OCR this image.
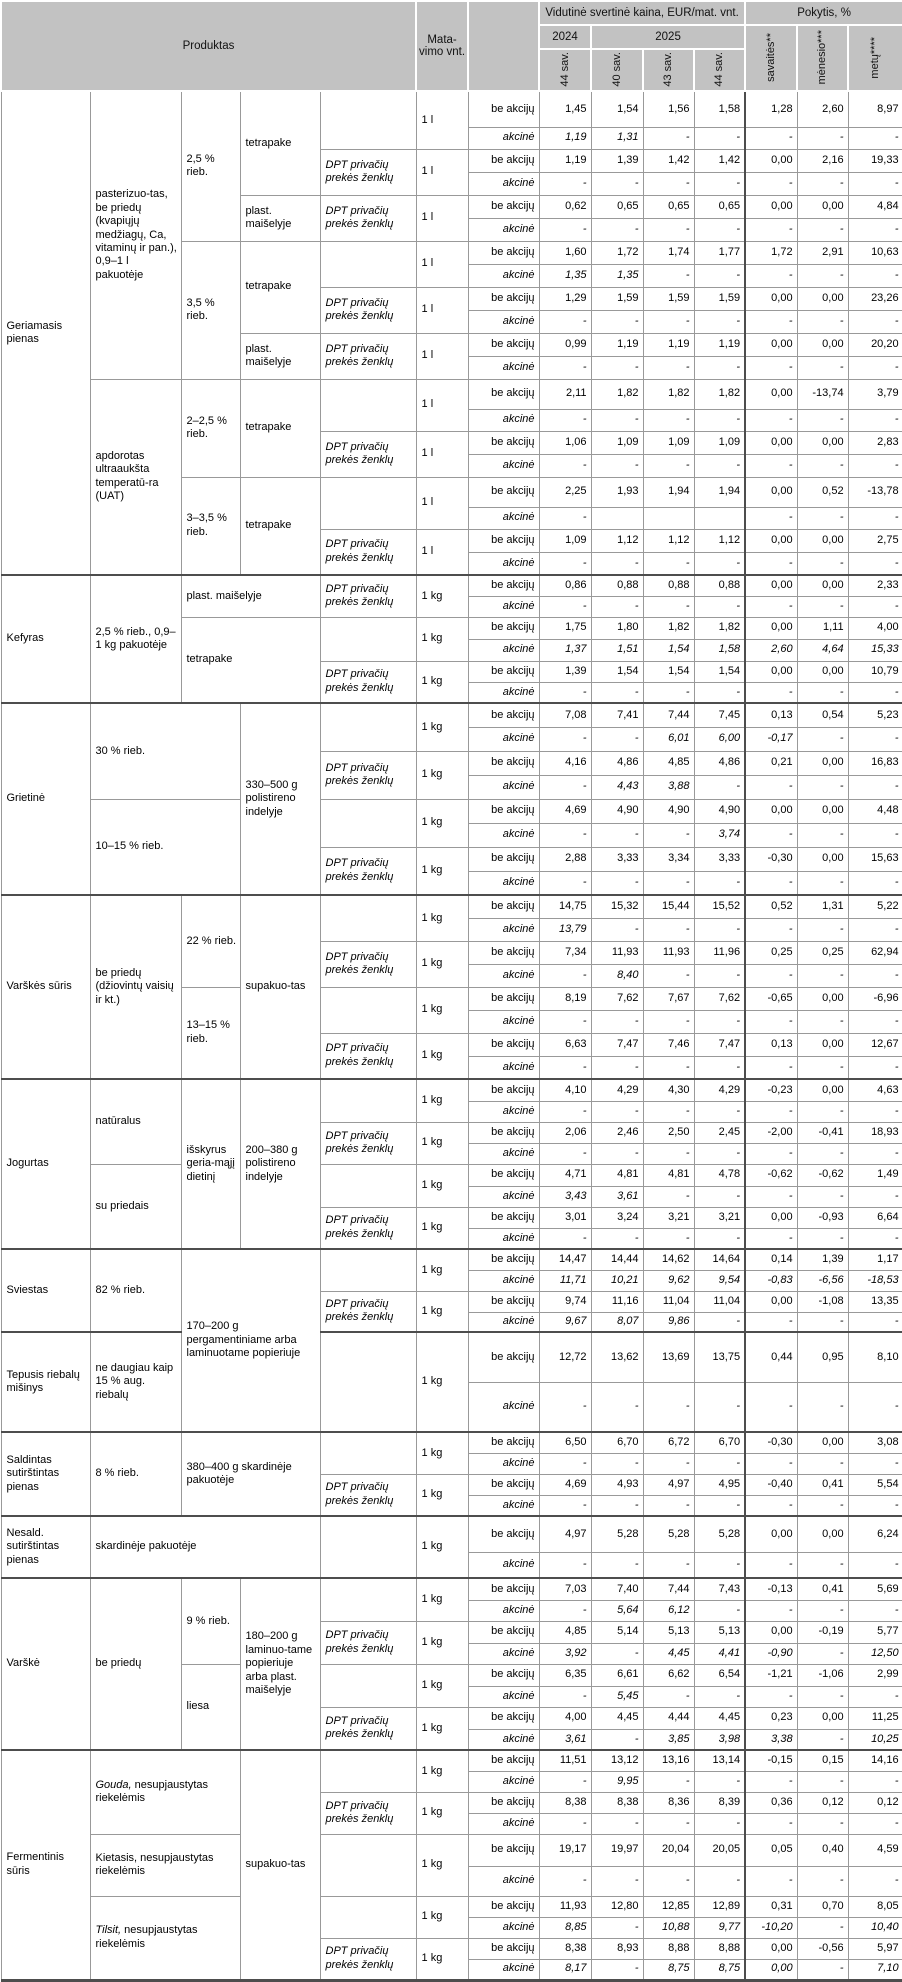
Produktas					Mata-vimo vnt.		Vidutinė svertinė kaina, EUR/mat. vnt.				Pokytis, %		
							2024	2025			savaitės**	mėnesio***	metų****

							44 sav.	40 sav.	43 sav.	44 sav.			

Geriamasis pienas	pasterizuo-tas, be priedų (kvapiųjų medžiagų, Ca, vitaminų ir pan.), 0,9–1 l pakuotėje	2,5 % rieb.	tetrapake		1 l	be akcijų	1,45	1,54	1,56	1,58	1,28	2,60	8,97
						akcinė	1,19	1,31	-	-	-	-	-
				DPT privačių prekės ženklų	1 l	be akcijų	1,19	1,39	1,42	1,42	0,00	2,16	19,33
						akcinė	-	-	-	-	-	-	-
			plast. maišelyje	DPT privačių prekės ženklų	1 l	be akcijų	0,62	0,65	0,65	0,65	0,00	0,00	4,84
						akcinė	-	-	-	-	-	-	-
		3,5 % rieb.	tetrapake		1 l	be akcijų	1,60	1,72	1,74	1,77	1,72	2,91	10,63
						akcinė	1,35	1,35	-	-	-	-	-
				DPT privačių prekės ženklų	1 l	be akcijų	1,29	1,59	1,59	1,59	0,00	0,00	23,26
						akcinė	-	-	-	-	-	-	-
			plast. maišelyje	DPT privačių prekės ženklų	1 l	be akcijų	0,99	1,19	1,19	1,19	0,00	0,00	20,20
						akcinė	-	-	-	-	-	-	-
	apdorotas ultraaukšta temperatū-ra (UAT)	2–2,5 % rieb.	tetrapake		1 l	be akcijų	2,11	1,82	1,82	1,82	0,00	-13,74	3,79
						akcinė	-	-	-	-	-	-	-
				DPT privačių prekės ženklų	1 l	be akcijų	1,06	1,09	1,09	1,09	0,00	0,00	2,83
						akcinė	-	-	-	-	-	-	-
		3–3,5 % rieb.	tetrapake		1 l	be akcijų	2,25	1,93	1,94	1,94	0,00	0,52	-13,78
						akcinė	-				-	-	-
				DPT privačių prekės ženklų	1 l	be akcijų	1,09	1,12	1,12	1,12	0,00	0,00	2,75
						akcinė	-	-	-	-	-	-	-
Kefyras	2,5 % rieb., 0,9–1 kg pakuotėje	plast. maišelyje		DPT privačių prekės ženklų	1 kg	be akcijų	0,86	0,88	0,88	0,88	0,00	0,00	2,33
						akcinė	-	-	-	-	-	-	-
		tetrapake			1 kg	be akcijų	1,75	1,80	1,82	1,82	0,00	1,11	4,00
						akcinė	1,37	1,51	1,54	1,58	2,60	4,64	15,33
				DPT privačių prekės ženklų	1 kg	be akcijų	1,39	1,54	1,54	1,54	0,00	0,00	10,79
						akcinė	-	-	-	-	-	-	-
Grietinė	30 % rieb.		330–500 g polistireno indelyje		1 kg	be akcijų	7,08	7,41	7,44	7,45	0,13	0,54	5,23
						akcinė	-	-	6,01	6,00	-0,17	-	-
				DPT privačių prekės ženklų	1 kg	be akcijų	4,16	4,86	4,85	4,86	0,21	0,00	16,83
						akcinė	-	4,43	3,88	-	-	-	-
	10–15 % rieb.				1 kg	be akcijų	4,69	4,90	4,90	4,90	0,00	0,00	4,48
						akcinė	-	-	-	3,74	-	-	-
				DPT privačių prekės ženklų	1 kg	be akcijų	2,88	3,33	3,34	3,33	-0,30	0,00	15,63
						akcinė	-	-	-	-	-	-	-
Varškės sūris	be priedų (džiovintų vaisių ir kt.)	22 % rieb.	supakuo-tas		1 kg	be akcijų	14,75	15,32	15,44	15,52	0,52	1,31	5,22
						akcinė	13,79	-	-	-	-	-	-
				DPT privačių prekės ženklų	1 kg	be akcijų	7,34	11,93	11,93	11,96	0,25	0,25	62,94
						akcinė	-	8,40	-	-	-	-	-
		13–15 % rieb.			1 kg	be akcijų	8,19	7,62	7,67	7,62	-0,65	0,00	-6,96
						akcinė	-	-	-	-	-	-	-
				DPT privačių prekės ženklų	1 kg	be akcijų	6,63	7,47	7,46	7,47	0,13	0,00	12,67
						akcinė	-	-	-	-	-	-	-
Jogurtas	natūralus	išskyrus geria-mąjį dietinį	200–380 g polistireno indelyje		1 kg	be akcijų	4,10	4,29	4,30	4,29	-0,23	0,00	4,63
						akcinė	-	-	-	-	-	-	-
				DPT privačių prekės ženklų	1 kg	be akcijų	2,06	2,46	2,50	2,45	-2,00	-0,41	18,93
						akcinė	-	-	-	-	-	-	-
	su priedais				1 kg	be akcijų	4,71	4,81	4,81	4,78	-0,62	-0,62	1,49
						akcinė	3,43	3,61	-	-	-	-	-
				DPT privačių prekės ženklų	1 kg	be akcijų	3,01	3,24	3,21	3,21	0,00	-0,93	6,64
						akcinė	-	-	-	-	-	-	-
Sviestas	82 % rieb.	170–200 g pergamentiniame arba laminuotame popieriuje			1 kg	be akcijų	14,47	14,44	14,62	14,64	0,14	1,39	1,17
						akcinė	11,71	10,21	9,62	9,54	-0,83	-6,56	-18,53
				DPT privačių prekės ženklų	1 kg	be akcijų	9,74	11,16	11,04	11,04	0,00	-1,08	13,35
						akcinė	9,67	8,07	9,86	-	-	-	-
Tepusis riebalų mišinys	ne daugiau kaip 15 % aug. riebalų				1 kg	be akcijų	12,72	13,62	13,69	13,75	0,44	0,95	8,10
						akcinė	-	-	-	-	-	-	-
Saldintas sutirštintas pienas	8 % rieb.	380–400 g skardinėje pakuotėje			1 kg	be akcijų	6,50	6,70	6,72	6,70	-0,30	0,00	3,08
						akcinė	-	-	-	-	-	-	-
				DPT privačių prekės ženklų	1 kg	be akcijų	4,69	4,93	4,97	4,95	-0,40	0,41	5,54
						akcinė	-	-	-	-	-	-	-
Nesald. sutirštintas pienas	skardinėje pakuotėje				1 kg	be akcijų	4,97	5,28	5,28	5,28	0,00	0,00	6,24
						akcinė	-	-	-	-	-	-	-
Varškė	be priedų	9 % rieb.	180–200 g laminuo-tame popieriuje arba plast. maišelyje		1 kg	be akcijų	7,03	7,40	7,44	7,43	-0,13	0,41	5,69
						akcinė	-	5,64	6,12	-	-	-	-
				DPT privačių prekės ženklų	1 kg	be akcijų	4,85	5,14	5,13	5,13	0,00	-0,19	5,77
						akcinė	3,92	-	4,45	4,41	-0,90	-	12,50
		liesa			1 kg	be akcijų	6,35	6,61	6,62	6,54	-1,21	-1,06	2,99
						akcinė	-	5,45	-	-	-	-	-
				DPT privačių prekės ženklų	1 kg	be akcijų	4,00	4,45	4,44	4,45	0,23	0,00	11,25
						akcinė	3,61	-	3,85	3,98	3,38	-	10,25
Fermentinis sūris	Gouda, nesupjaustytas riekelėmis		supakuo-tas		1 kg	be akcijų	11,51	13,12	13,16	13,14	-0,15	0,15	14,16
						akcinė	-	9,95	-	-	-	-	-
				DPT privačių prekės ženklų	1 kg	be akcijų	8,38	8,38	8,36	8,39	0,36	0,12	0,12
						akcinė	-	-	-	-	-	-	-
	Kietasis, nesupjaustytas riekelėmis				1 kg	be akcijų	19,17	19,97	20,04	20,05	0,05	0,40	4,59
						akcinė	-	-	-	-	-	-	-
	Tilsit, nesupjaustytas riekelėmis				1 kg	be akcijų	11,93	12,80	12,85	12,89	0,31	0,70	8,05
						akcinė	8,85	-	10,88	9,77	-10,20	-	10,40
				DPT privačių prekės ženklų	1 kg	be akcijų	8,38	8,93	8,88	8,88	0,00	-0,56	5,97
						akcinė	8,17	-	8,75	8,75	0,00	-	7,10
